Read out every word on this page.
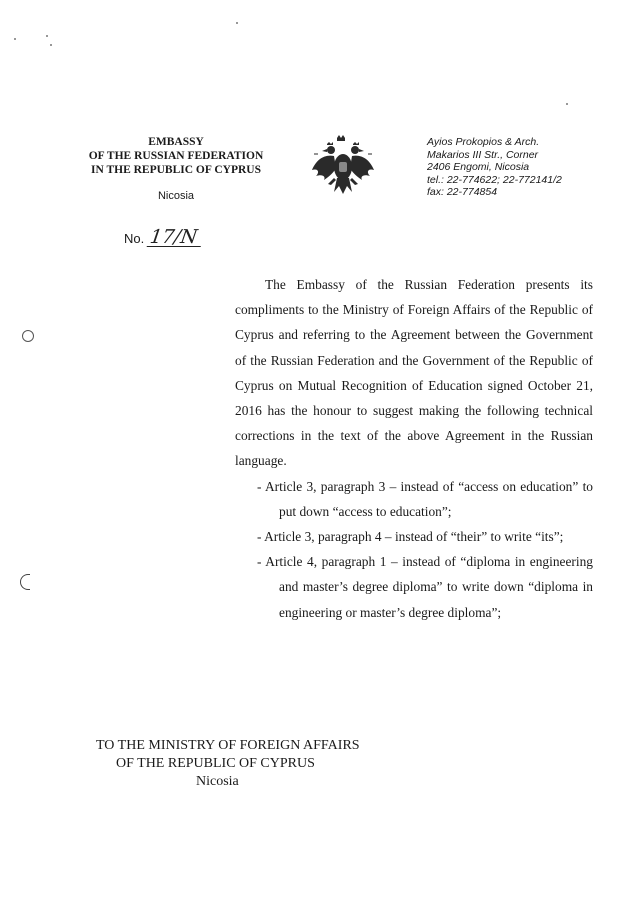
EMBASSY
OF THE RUSSIAN FEDERATION
IN THE REPUBLIC OF CYPRUS
Nicosia
Ayios Prokopios & Arch.
Makarios III Str., Corner
2406 Engomi, Nicosia
tel.: 22-774622; 22-772141/2
fax: 22-774854
No. 17/N

The Embassy of the Russian Federation presents its compliments to the Ministry of Foreign Affairs of the Republic of Cyprus and referring to the Agreement between the Government of the Russian Federation and the Government of the Republic of Cyprus on Mutual Recognition of Education signed October 21, 2016 has the honour to suggest making the following technical corrections in the text of the above Agreement in the Russian language.

- Article 3, paragraph 3 – instead of “access on education” to put down “access to education”;
- Article 3, paragraph 4 – instead of “their” to write “its”;
- Article 4, paragraph 1 – instead of “diploma in engineering and master’s degree diploma” to write down “diploma in engineering or master’s degree diploma”;
TO THE MINISTRY OF FOREIGN AFFAIRS
OF THE REPUBLIC OF CYPRUS
Nicosia
